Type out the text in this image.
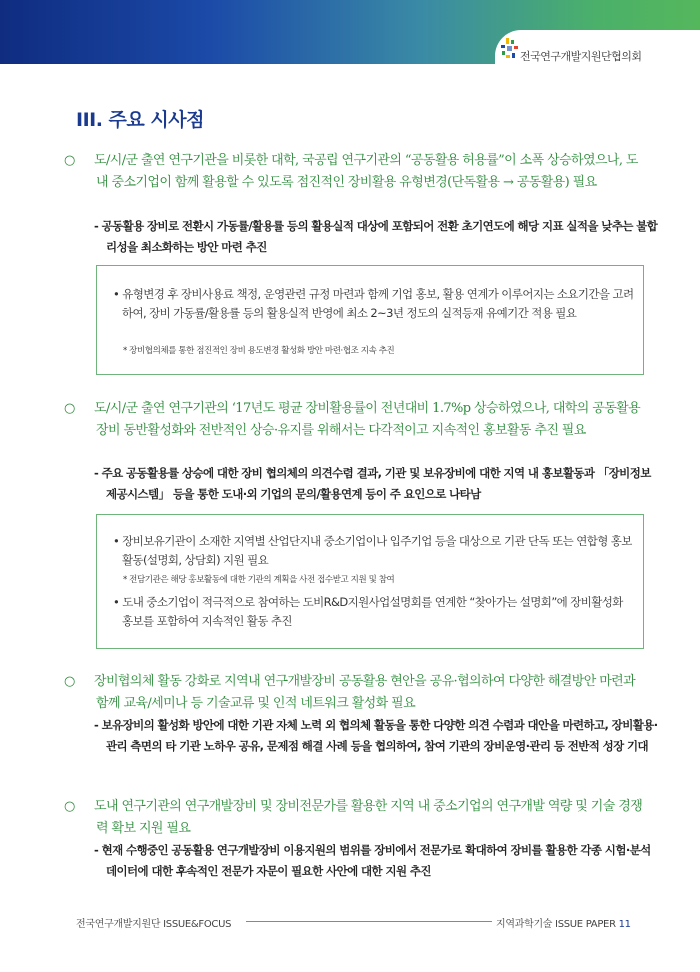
전국연구개발지원단협의회
III. 주요 시사점
○ 도/시/군 출연 연구기관을 비롯한 대학, 국공립 연구기관의 “공동활용 허용률”이 소폭 상승하였으나, 도내 중소기업이 함께 활용할 수 있도록 점진적인 장비활용 유형변경(단독활용 → 공동활용) 필요
- 공동활용 장비로 전환시 가동률/활용률 등의 활용실적 대상에 포함되어 전환 초기연도에 해당 지표 실적을 낮추는 불합리성을 최소화하는 방안 마련 추진
• 유형변경 후 장비사용료 책정, 운영관련 규정 마련과 함께 기업 홍보, 활용 연계가 이루어지는 소요기간을 고려하여, 장비 가동률/활용률 등의 활용실적 반영에 최소 2~3년 정도의 실적등재 유예기간 적용 필요
* 장비협의체를 통한 점진적인 장비 용도변경 활성화 방안 마련·협조 지속 추진
○ 도/시/군 출연 연구기관의 ‘17년도 평균 장비활용률이 전년대비 1.7%p 상승하였으나, 대학의 공동활용 장비 동반활성화와 전반적인 상승·유지를 위해서는 다각적이고 지속적인 홍보활동 추진 필요
- 주요 공동활용률 상승에 대한 장비 협의체의 의견수렴 결과, 기관 및 보유장비에 대한 지역 내 홍보활동과 「장비정보제공시스템」 등을 통한 도내·외 기업의 문의/활용연계 등이 주 요인으로 나타남
• 장비보유기관이 소재한 지역별 산업단지내 중소기업이나 입주기업 등을 대상으로 기관 단독 또는 연합형 홍보활동(설명회, 상담회) 지원 필요
* 전담기관은 해당 홍보활동에 대한 기관의 계획을 사전 접수받고 지원 및 참여
• 도내 중소기업이 적극적으로 참여하는 도비R&D지원사업설명회를 연계한 “찾아가는 설명회”에 장비활성화 홍보를 포함하여 지속적인 활동 추진
○ 장비협의체 활동 강화로 지역내 연구개발장비 공동활용 현안을 공유·협의하여 다양한 해결방안 마련과 함께 교육/세미나 등 기술교류 및 인적 네트워크 활성화 필요
- 보유장비의 활성화 방안에 대한 기관 자체 노력 외 협의체 활동을 통한 다양한 의견 수렴과 대안을 마련하고, 장비활용·관리 측면의 타 기관 노하우 공유, 문제점 해결 사례 등을 협의하여, 참여 기관의 장비운영·관리 등 전반적 성장 기대
○ 도내 연구기관의 연구개발장비 및 장비전문가를 활용한 지역 내 중소기업의 연구개발 역량 및 기술 경쟁력 확보 지원 필요
- 현재 수행중인 공동활용 연구개발장비 이용지원의 범위를 장비에서 전문가로 확대하여 장비를 활용한 각종 시험·분석 데이터에 대한 후속적인 전문가 자문이 필요한 사안에 대한 지원 추진
전국연구개발지원단 ISSUE&FOCUS	지역과학기술 ISSUE PAPER 11
